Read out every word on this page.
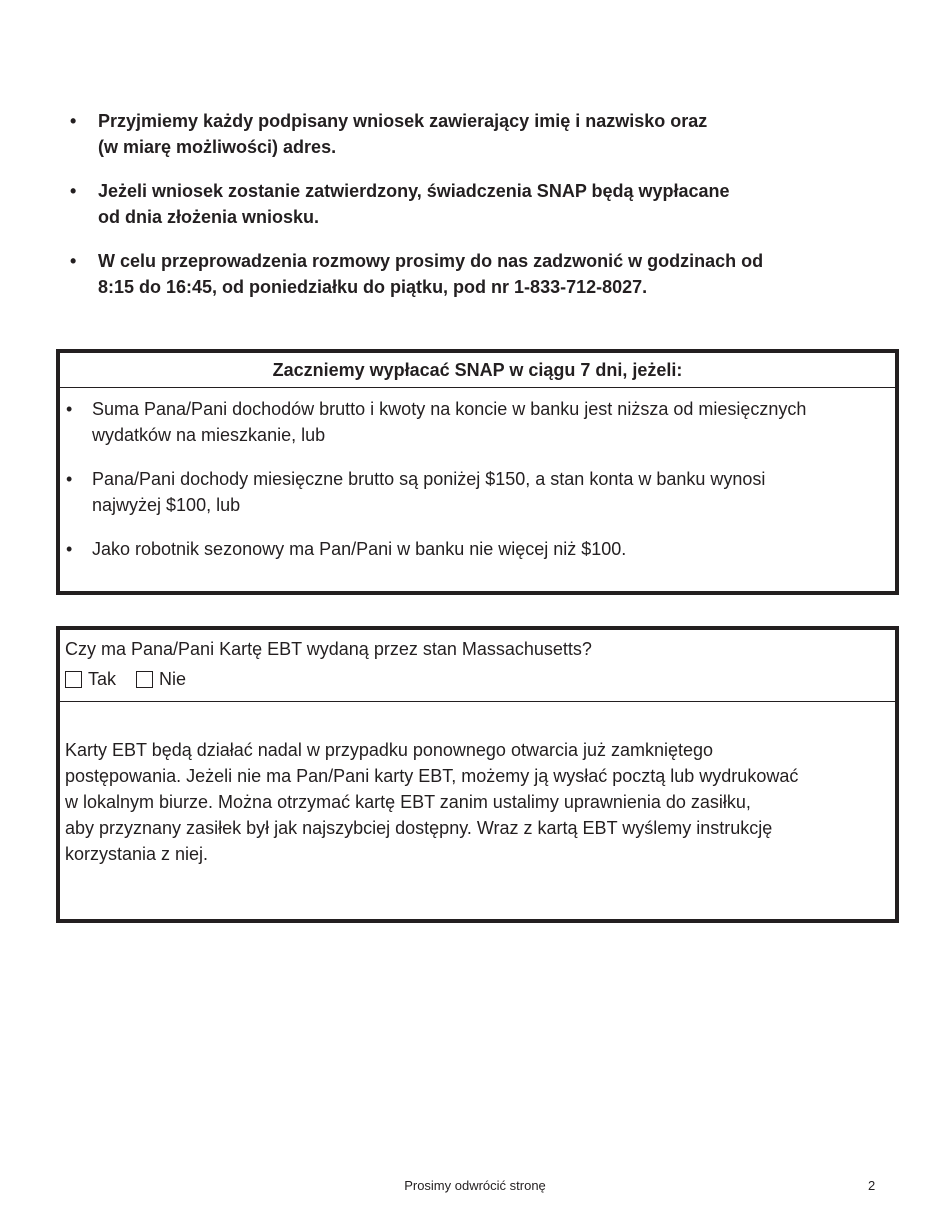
• Przyjmiemy każdy podpisany wniosek zawierający imię i nazwisko oraz
(w miarę możliwości) adres.
• Jeżeli wniosek zostanie zatwierdzony, świadczenia SNAP będą wypłacane
od dnia złożenia wniosku.
• W celu przeprowadzenia rozmowy prosimy do nas zadzwonić w godzinach od
8:15 do 16:45, od poniedziałku do piątku, pod nr 1-833-712-8027.
Zaczniemy wypłacać SNAP w ciągu 7 dni, jeżeli:
• Suma Pana/Pani dochodów brutto i kwoty na koncie w banku jest niższa od miesięcznych
wydatków na mieszkanie, lub
• Pana/Pani dochody miesięczne brutto są poniżej $150, a stan konta w banku wynosi
najwyżej $100, lub
• Jako robotnik sezonowy ma Pan/Pani w banku nie więcej niż $100.
Czy ma Pana/Pani Kartę EBT wydaną przez stan Massachusetts?
Tak Nie
Karty EBT będą działać nadal w przypadku ponownego otwarcia już zamkniętego
postępowania. Jeżeli nie ma Pan/Pani karty EBT, możemy ją wysłać pocztą lub wydrukować
w lokalnym biurze. Można otrzymać kartę EBT zanim ustalimy uprawnienia do zasiłku,
aby przyznany zasiłek był jak najszybciej dostępny. Wraz z kartą EBT wyślemy instrukcję
korzystania z niej.
Prosimy odwrócić stronę	2
